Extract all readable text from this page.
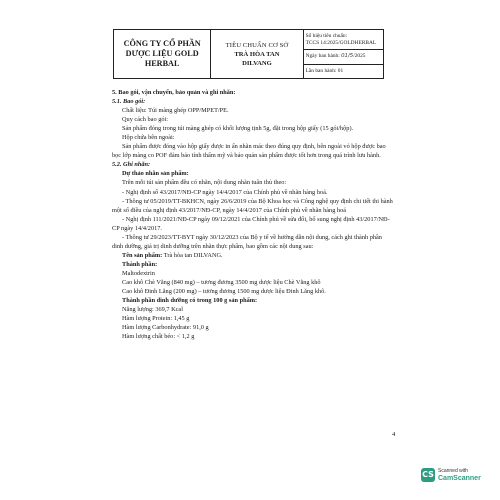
CÔNG TY CỔ PHẦN
DƯỢC LIỆU GOLD
HERBAL
TIÊU CHUẨN CƠ SỞ
TRÀ HÒA TAN
DILVANG
Số hiệu tiêu chuẩn:
TCCS 14:2025/GOLDHERBAL
Ngày ban hành:
01/5 /2025
Lần ban hành: 01

5. Bao gói, vận chuyển, bảo quản và ghi nhãn:

5.1. Bao gói:

Chất liệu: Túi màng ghép OPP/MPET/PE.

Quy cách bao gói:

Sản phẩm đóng trong túi màng ghép có khối lượng tịnh 5g, đặt trong hộp giấy (15 gói/hộp).

Hộp chứa bên ngoài:

Sản phẩm được đóng vào hộp giấy được in ấn nhãn mác theo đúng quy định, bên ngoài vỏ hộp được bao bọc lớp màng co POF đảm bảo tính thẩm mỹ và bảo quản sản phẩm được tốt hơn trong quá trình lưu hành.

5.2. Ghi nhãn:

Dự thảo nhãn sản phẩm:

Trên mỗi túi sản phẩm đều có nhãn, nội dung nhãn tuân thủ theo:

- Nghị định số 43/2017/NĐ-CP ngày 14/4/2017 của Chính phủ về nhãn hàng hoá.

- Thông tư 05/2019/TT-BKHCN, ngày 26/6/2019 của Bộ Khoa học và Công nghệ quy định chi tiết thi hành một số điều của nghị định 43/2017/NĐ-CP, ngày 14/4/2017 của Chính phủ về nhãn hàng hoá

- Nghị định 111/2021/NĐ-CP ngày 09/12/2021 của Chính phủ về sửa đổi, bổ sung nghị định 43/2017/NĐ-CP ngày 14/4/2017.

- Thông tư 29/2023/TT-BYT ngày 30/12/2023 của Bộ y tế về hướng dẫn nội dung, cách ghi thành phần dinh dưỡng, giá trị dinh dưỡng trên nhãn thực phẩm, bao gồm các nội dung sau:

Tên sản phẩm: Trà hòa tan DILVANG.

Thành phần:

Maltodextrin

Cao khô Chè Vằng (840 mg) – tương đương 3500 mg dược liệu Chè Vằng khô

Cao khô Đinh Lăng (200 mg) – tương đương 1500 mg dược liệu Đinh Lăng khô.

Thành phần dinh dưỡng có trong 100 g sản phẩm:

Năng lượng: 369,7 Kcal

Hàm lượng Protein: 1,45 g

Hàm lượng Carbonhydrate: 91,0 g

Hàm lượng chất béo: < 1,2 g

4
CS Scanned with
CamScanner
